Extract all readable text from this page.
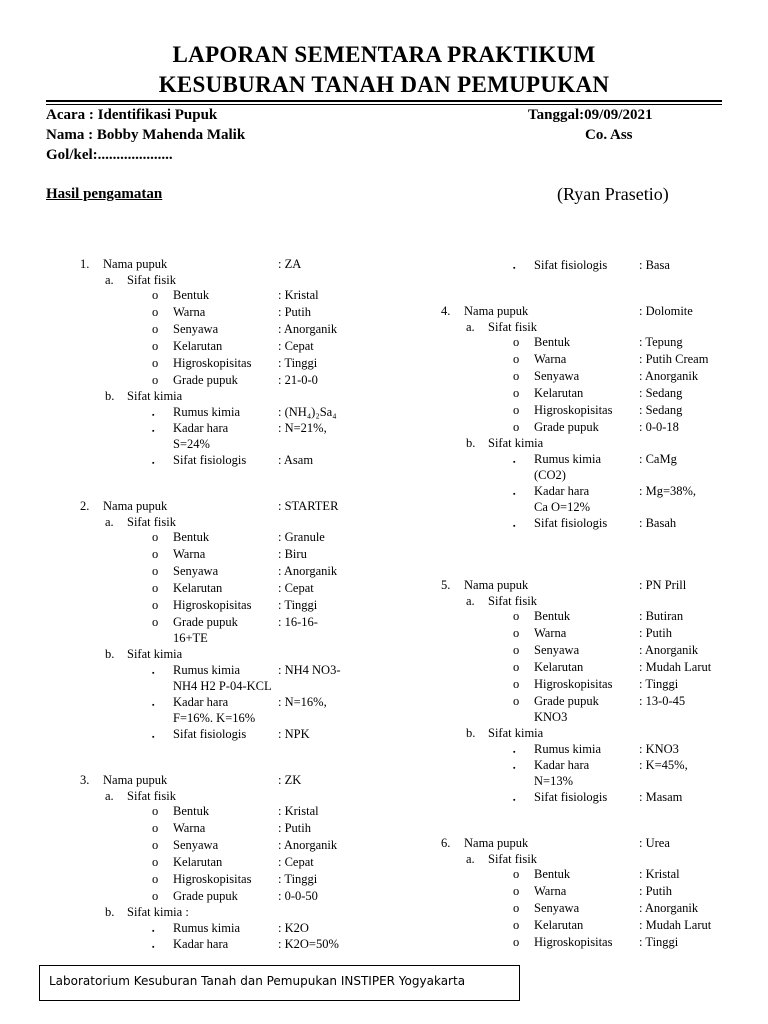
LAPORAN SEMENTARA PRAKTIKUM
KESUBURAN TANAH DAN PEMUPUKAN
Acara : Identifikasi Pupuk	Tanggal:09/09/2021
Nama : Bobby Mahenda Malik	Co. Ass
Gol/kel:....................
Hasil pengamatan	(Ryan Prasetio)
1. Nama pupuk	: ZA
a. Sifat fisik
o Bentuk	: Kristal
o Warna	: Putih
o Senyawa	: Anorganik
o Kelarutan	: Cepat
o Higroskopisitas : Tinggi
o Grade pupuk	: 21-0-0
b. Sifat kimia
▪ Rumus kimia	: (NH₄)₂Sa₄
▪ Kadar hara	: N=21%,
S=24%
▪ Sifat fisiologis	: Asam
2. Nama pupuk	: STARTER
a. Sifat fisik
o Bentuk	: Granule
o Warna	: Biru
o Senyawa	: Anorganik
o Kelarutan	: Cepat
o Higroskopisitas : Tinggi
o Grade pupuk	: 16-16-
16+TE
b. Sifat kimia
▪ Rumus kimia	: NH4 NO3-
NH4 H2 P-04-KCL
▪ Kadar hara	: N=16%,
F=16%. K=16%
▪ Sifat fisiologis	: NPK
3. Nama pupuk	: ZK
a. Sifat fisik
o Bentuk	: Kristal
o Warna	: Putih
o Senyawa	: Anorganik
o Kelarutan	: Cepat
o Higroskopisitas : Tinggi
o Grade pupuk	: 0-0-50
b. Sifat kimia :
▪ Rumus kimia	: K2O
▪ Kadar hara	: K2O=50%
▪ Sifat fisiologis	: Basa
4. Nama pupuk	: Dolomite
a. Sifat fisik
o Bentuk	: Tepung
o Warna	: Putih Cream
o Senyawa	: Anorganik
o Kelarutan	: Sedang
o Higroskopisitas : Sedang
o Grade pupuk	: 0-0-18
b. Sifat kimia
▪ Rumus kimia	: CaMg
(CO2)
▪ Kadar hara	: Mg=38%,
Ca O=12%
▪ Sifat fisiologis	: Basah
5. Nama pupuk	: PN Prill
a. Sifat fisik
o Bentuk	: Butiran
o Warna	: Putih
o Senyawa	: Anorganik
o Kelarutan	: Mudah Larut
o Higroskopisitas : Tinggi
o Grade pupuk	: 13-0-45
KNO3
b. Sifat kimia
▪ Rumus kimia	: KNO3
▪ Kadar hara	: K=45%,
N=13%
▪ Sifat fisiologis	: Masam
6. Nama pupuk	: Urea
a. Sifat fisik
o Bentuk	: Kristal
o Warna	: Putih
o Senyawa	: Anorganik
o Kelarutan	: Mudah Larut
o Higroskopisitas : Tinggi
Laboratorium Kesuburan Tanah dan Pemupukan INSTIPER Yogyakarta
